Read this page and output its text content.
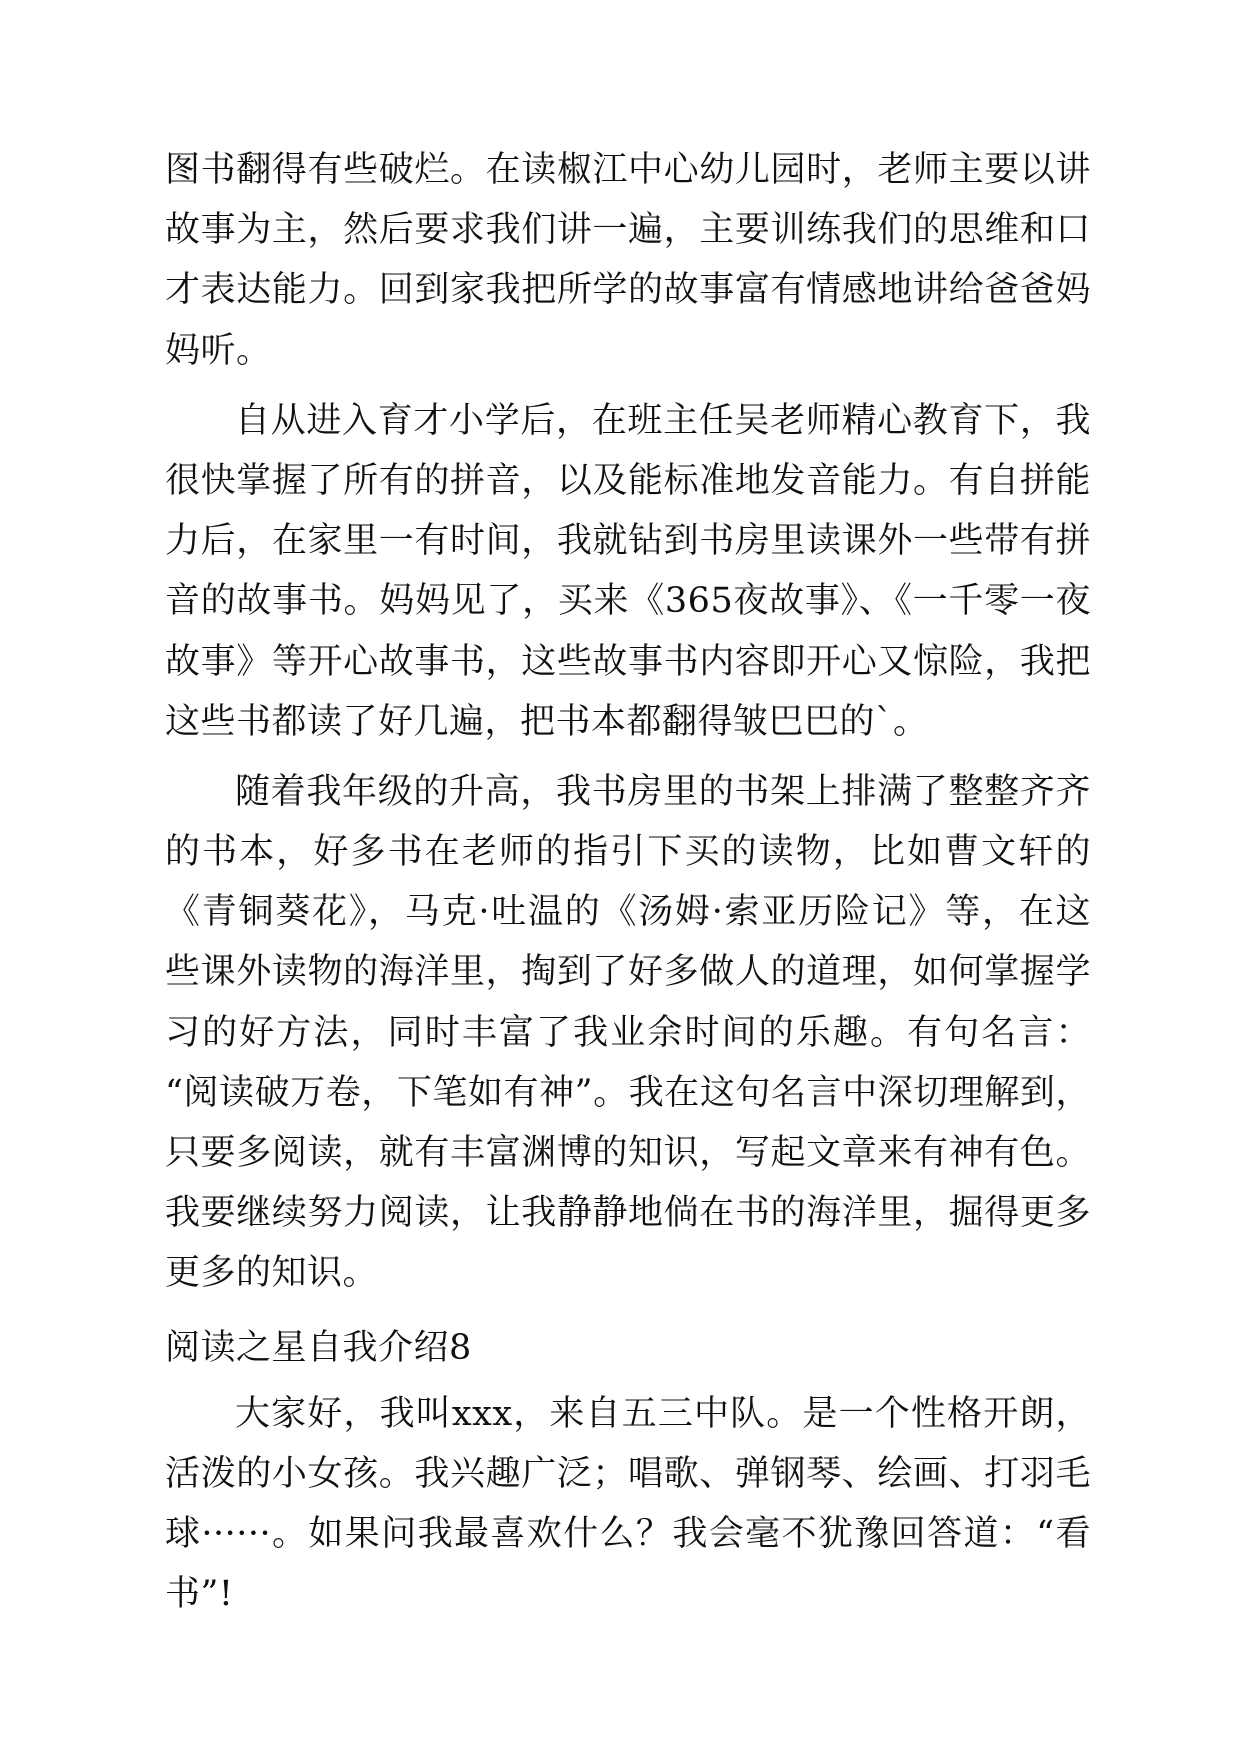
图书翻得有些破烂。在读椒江中心幼儿园时，老师主要以讲故事为主，然后要求我们讲一遍，主要训练我们的思维和口才表达能力。回到家我把所学的故事富有情感地讲给爸爸妈妈听。

自从进入育才小学后，在班主任吴老师精心教育下，我很快掌握了所有的拼音，以及能标准地发音能力。有自拼能力后，在家里一有时间，我就钻到书房里读课外一些带有拼音的故事书。妈妈见了，买来《365夜故事》、《一千零一夜故事》等开心故事书，这些故事书内容即开心又惊险，我把这些书都读了好几遍，把书本都翻得皱巴巴的`。

随着我年级的升高，我书房里的书架上排满了整整齐齐的书本，好多书在老师的指引下买的读物，比如曹文轩的《青铜葵花》，马克·吐温的《汤姆·索亚历险记》等，在这些课外读物的海洋里，掏到了好多做人的道理，如何掌握学习的好方法，同时丰富了我业余时间的乐趣。有句名言：“阅读破万卷，下笔如有神”。我在这句名言中深切理解到，只要多阅读，就有丰富渊博的知识，写起文章来有神有色。我要继续努力阅读，让我静静地倘在书的海洋里，掘得更多更多的知识。

阅读之星自我介绍8

大家好，我叫xxx，来自五三中队。是一个性格开朗，活泼的小女孩。我兴趣广泛；唱歌、弹钢琴、绘画、打羽毛球······。如果问我最喜欢什么？我会毫不犹豫回答道：“看书”!
